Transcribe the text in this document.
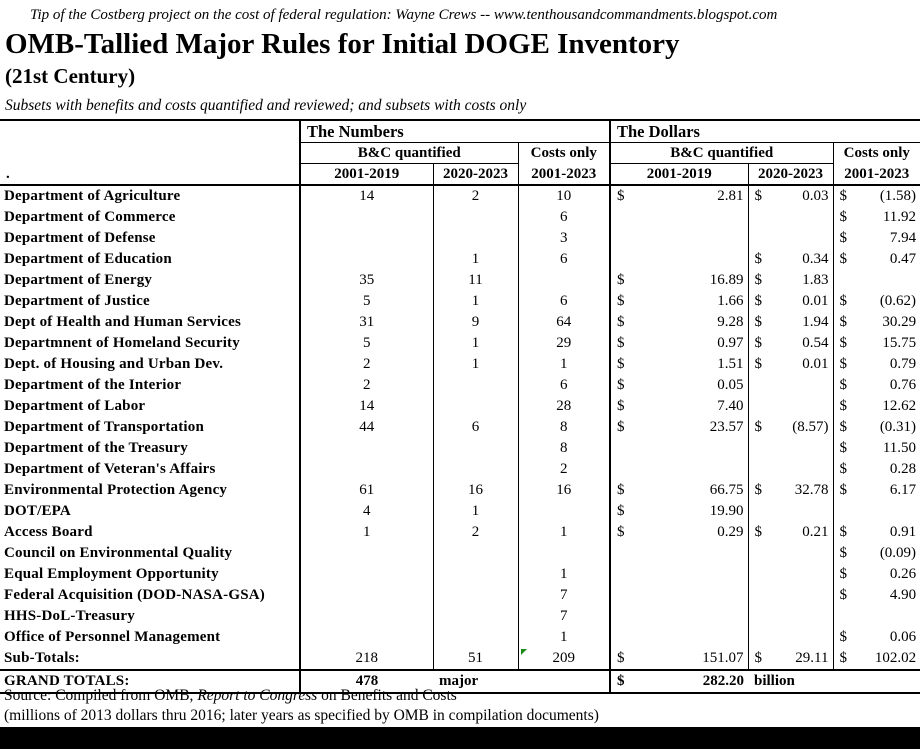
Tip of the Costberg project on the cost of federal regulation: Wayne Crews -- www.tenthousandcommandments.blogspot.com
OMB-Tallied Major Rules for Initial DOGE Inventory
(21st Century)
Subsets with benefits and costs quantified and reviewed; and subsets with costs only
	The Numbers			The Dollars					
	B&C quantified		Costs only	B&C quantified				Costs only	
.	2001-2019	2020-2023	2001-2023	2001-2019		2020-2023		2001-2023	
Department of Agriculture	14	2	10	$	2.81	$	0.03	$	(1.58)
Department of Commerce			6					$	11.92
Department of Defense			3					$	7.94
Department of Education		1	6			$	0.34	$	0.47
Department of Energy	35	11		$	16.89	$	1.83		
Department of Justice	5	1	6	$	1.66	$	0.01	$	(0.62)
Dept of Health and Human Services	31	9	64	$	9.28	$	1.94	$	30.29
Departmnent of Homeland Security	5	1	29	$	0.97	$	0.54	$	15.75
Dept. of Housing and Urban Dev.	2	1	1	$	1.51	$	0.01	$	0.79
Department of the Interior	2		6	$	0.05			$	0.76
Department of Labor	14		28	$	7.40			$	12.62
Department of Transportation	44	6	8	$	23.57	$	(8.57)	$	(0.31)
Department of the Treasury			8					$	11.50
Department of Veteran's Affairs			2					$	0.28
Environmental Protection Agency	61	16	16	$	66.75	$	32.78	$	6.17
DOT/EPA	4	1		$	19.90				
Access Board	1	2	1	$	0.29	$	0.21	$	0.91
Council on Environmental Quality								$	(0.09)
Equal Employment Opportunity			1					$	0.26
Federal Acquisition (DOD-NASA-GSA)			7					$	4.90
HHS-DoL-Treasury			7						
Office of Personnel Management			1					$	0.06
Sub-Totals:	218	51	209	$	151.07	$	29.11	$	102.02
GRAND TOTALS:	478	major		$	282.20	billion			
Source: Compiled from OMB, Report to Congress on Benefits and Costs
(millions of 2013 dollars thru 2016; later years as specified by OMB in compilation documents)
